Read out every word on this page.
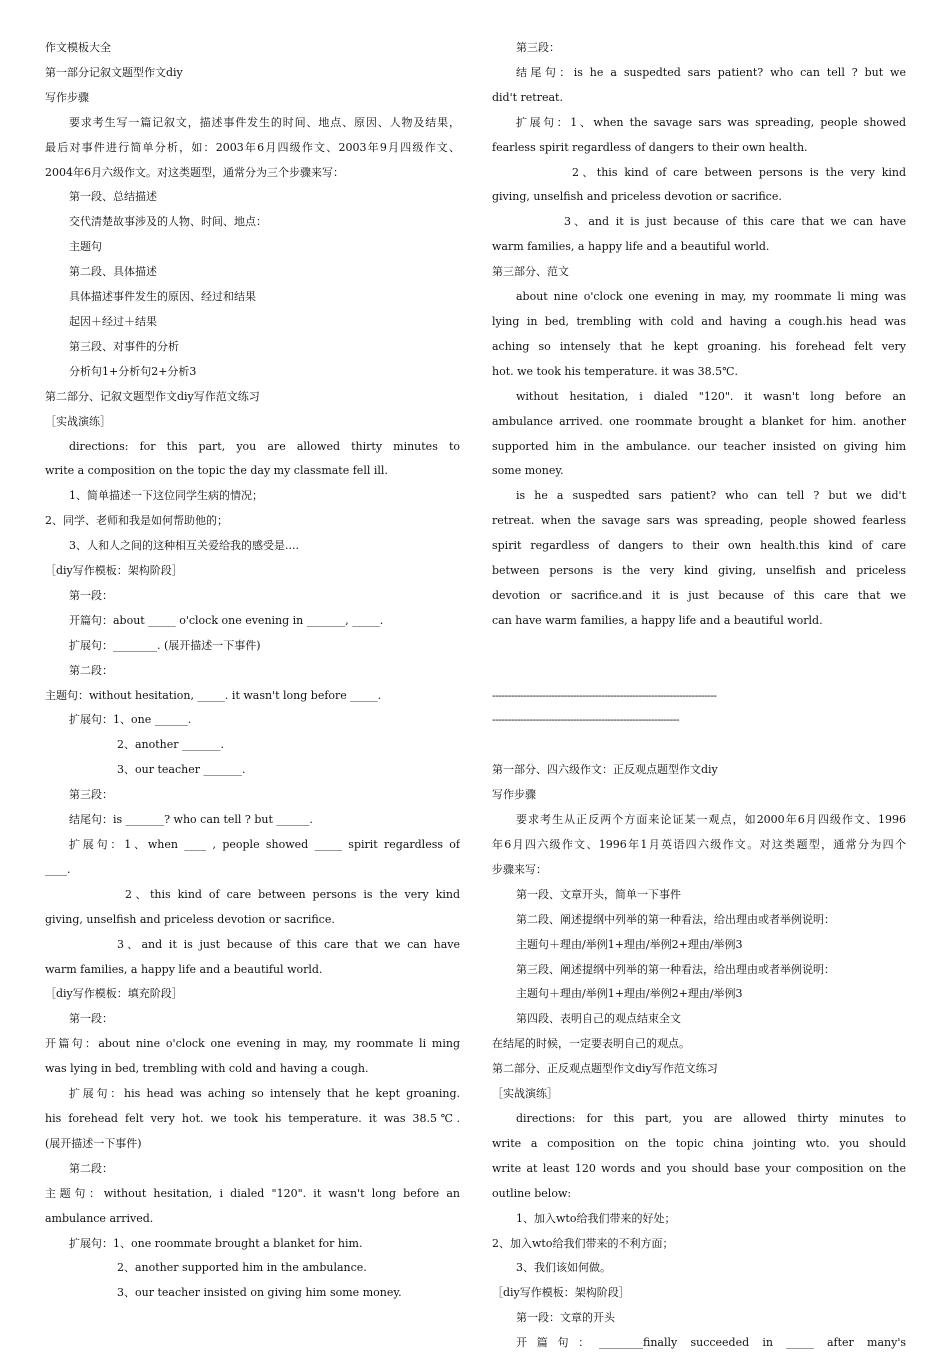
作文模板大全
第一部分记叙文题型作文diy
写作步骤
要求考生写一篇记叙文，描述事件发生的时间、地点、原因、人物及结果，
最后对事件进行简单分析，如：2003年6月四级作文、2003年9月四级作文、
2004年6月六级作文。对这类题型，通常分为三个步骤来写：
第一段、总结描述
交代清楚故事涉及的人物、时间、地点：
主题句
第二段、具体描述
具体描述事件发生的原因、经过和结果
起因＋经过＋结果
第三段、对事件的分析
分析句1+分析句2+分析3
第二部分、记叙文题型作文diy写作范文练习
［实战演练］
directions: for this part, you are allowed thirty minutes to
write a composition on the topic the day my classmate fell ill.
1、简单描述一下这位同学生病的情况；
2、同学、老师和我是如何帮助他的；
3、人和人之间的这种相互关爱给我的感受是....
［diy写作模板：架构阶段］
第一段：
开篇句：about _____ o'clock one evening in _______, _____.
扩展句：________. (展开描述一下事件)
第二段：
主题句：without hesitation, _____. it wasn't long before _____.
扩展句：1、one ______.
2、another _______.
3、our teacher _______.
第三段：
结尾句：is _______? who can tell ? but ______.
扩展句：1、when ____ , people showed _____ spirit regardless of
____.
2、this kind of care between persons is the very kind
giving, unselfish and priceless devotion or sacrifice.
3、and it is just because of this care that we can have
warm families, a happy life and a beautiful world.
［diy写作模板：填充阶段］
第一段：
开篇句：about nine o'clock one evening in may, my roommate li ming
was lying in bed, trembling with cold and having a cough.
扩展句：his head was aching so intensely that he kept groaning.
his forehead felt very hot. we took his temperature. it was 38.5℃.
(展开描述一下事件)
第二段：
主题句：without hesitation, i dialed "120". it wasn't long before an
ambulance arrived.
扩展句：1、one roommate brought a blanket for him.
2、another supported him in the ambulance.
3、our teacher insisted on giving him some money.
第三段：
结尾句：is he a suspedted sars patient? who can tell ? but we
did't retreat.
扩展句：1、when the savage sars was spreading, people showed
fearless spirit regardless of dangers to their own health.
2、this kind of care between persons is the very kind
giving, unselfish and priceless devotion or sacrifice.
3、and it is just because of this care that we can have
warm families, a happy life and a beautiful world.
第三部分、范文
about nine o'clock one evening in may, my roommate li ming was
lying in bed, trembling with cold and having a cough.his head was
aching so intensely that he kept groaning. his forehead felt very
hot. we took his temperature. it was 38.5℃.
without hesitation, i dialed "120". it wasn't long before an
ambulance arrived. one roommate brought a blanket for him. another
supported him in the ambulance. our teacher insisted on giving him
some money.
is he a suspedted sars patient? who can tell ? but we did't
retreat. when the savage sars was spreading, people showed fearless
spirit regardless of dangers to their own health.this kind of care
between persons is the very kind giving, unselfish and priceless
devotion or sacrifice.and it is just because of this care that we
can have warm families, a happy life and a beautiful world.

------------------------------------------------------------------------
------------------------------------------------------------

第一部分、四六级作文：正反观点题型作文diy
写作步骤
要求考生从正反两个方面来论证某一观点，如2000年6月四级作文、1996
年6月四六级作文、1996年1月英语四六级作文。对这类题型，通常分为四个
步骤来写：
第一段、文章开头，简单一下事件
第二段、阐述提纲中列举的第一种看法，给出理由或者举例说明：
主题句＋理由/举例1+理由/举例2+理由/举例3
第三段、阐述提纲中列举的第一种看法，给出理由或者举例说明：
主题句＋理由/举例1+理由/举例2+理由/举例3
第四段、表明自己的观点结束全文
在结尾的时候，一定要表明自己的观点。
第二部分、正反观点题型作文diy写作范文练习
［实战演练］
directions: for this part, you are allowed thirty minutes to
write a composition on the topic china jointing wto. you should
write at least 120 words and you should base your composition on the
outline below:
1、加入wto给我们带来的好处；
2、加入wto给我们带来的不利方面；
3、我们该如何做。
［diy写作模板：架构阶段］
第一段：文章的开头
开篇句：________finally succeeded in _____ after many's
